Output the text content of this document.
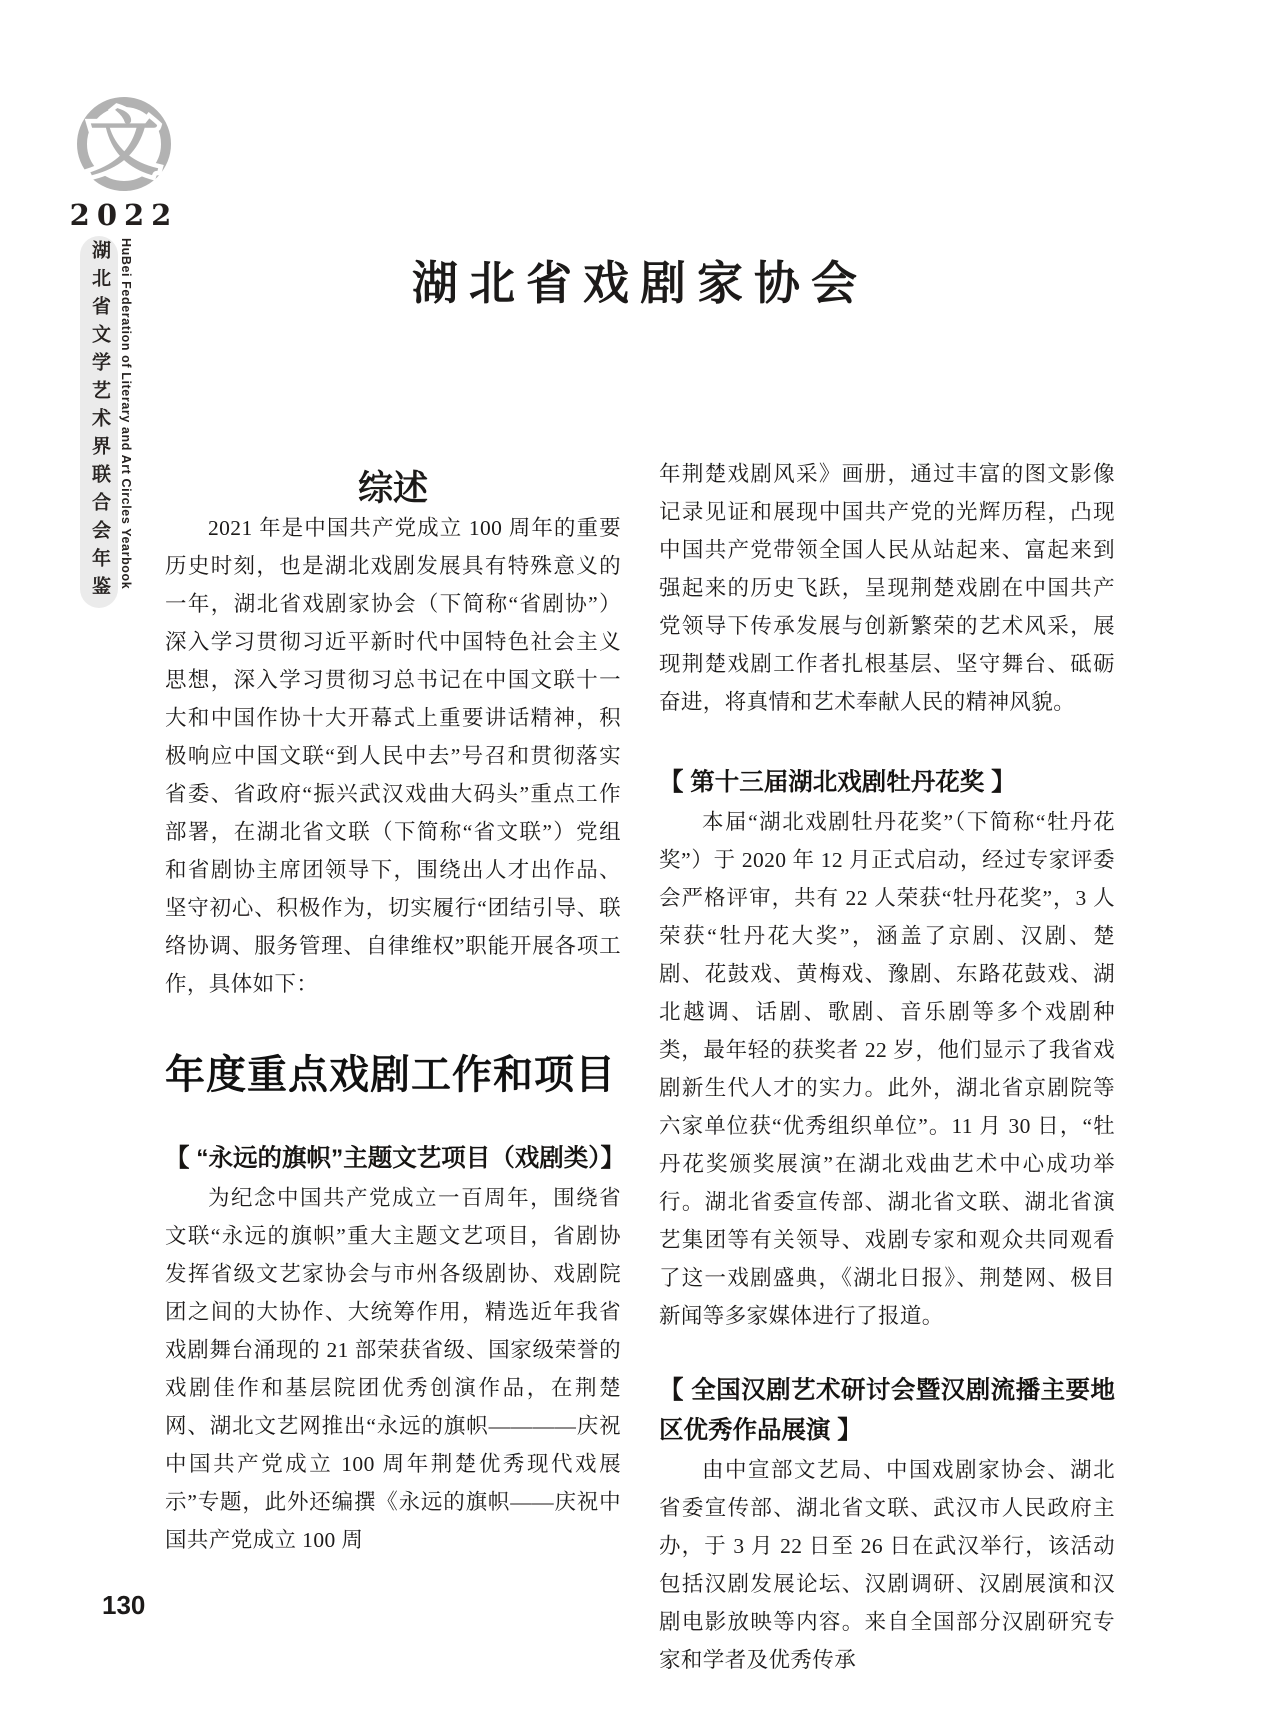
文
2022
湖北省文学艺术界联合会年鉴 HuBei Federation of Literary and Art Circles Yearbook	湖北省戏剧家协会
综述

2021 年是中国共产党成立 100 周年的重要历史时刻，也是湖北戏剧发展具有特殊意义的一年，湖北省戏剧家协会（下简称“省剧协”）深入学习贯彻习近平新时代中国特色社会主义思想，深入学习贯彻习总书记在中国文联十一大和中国作协十大开幕式上重要讲话精神，积极响应中国文联“到人民中去”号召和贯彻落实省委、省政府“振兴武汉戏曲大码头”重点工作部署，在湖北省文联（下简称“省文联”）党组和省剧协主席团领导下，围绕出人才出作品、坚守初心、积极作为，切实履行“团结引导、联络协调、服务管理、自律维权”职能开展各项工作，具体如下：

年度重点戏剧工作和项目
【 “永远的旗帜”主题文艺项目（戏剧类）】

为纪念中国共产党成立一百周年，围绕省文联“永远的旗帜”重大主题文艺项目，省剧协发挥省级文艺家协会与市州各级剧协、戏剧院团之间的大协作、大统筹作用，精选近年我省戏剧舞台涌现的 21 部荣获省级、国家级荣誉的戏剧佳作和基层院团优秀创演作品，在荆楚网、湖北文艺网推出“永远的旗帜————庆祝中国共产党成立 100 周年荆楚优秀现代戏展示”专题，此外还编撰《永远的旗帜——庆祝中国共产党成立 100 周

年荆楚戏剧风采》画册，通过丰富的图文影像记录见证和展现中国共产党的光辉历程，凸现中国共产党带领全国人民从站起来、富起来到强起来的历史飞跃，呈现荆楚戏剧在中国共产党领导下传承发展与创新繁荣的艺术风采，展现荆楚戏剧工作者扎根基层、坚守舞台、砥砺奋进，将真情和艺术奉献人民的精神风貌。

【 第十三届湖北戏剧牡丹花奖 】

本届“湖北戏剧牡丹花奖”（下简称“牡丹花奖”）于 2020 年 12 月正式启动，经过专家评委会严格评审，共有 22 人荣获“牡丹花奖”，3 人荣获“牡丹花大奖”，涵盖了京剧、汉剧、楚剧、花鼓戏、黄梅戏、豫剧、东路花鼓戏、湖北越调、话剧、歌剧、音乐剧等多个戏剧种类，最年轻的获奖者 22 岁，他们显示了我省戏剧新生代人才的实力。此外，湖北省京剧院等六家单位获“优秀组织单位”。11 月 30 日，“牡丹花奖颁奖展演”在湖北戏曲艺术中心成功举行。湖北省委宣传部、湖北省文联、湖北省演艺集团等有关领导、戏剧专家和观众共同观看了这一戏剧盛典，《湖北日报》、荆楚网、极目新闻等多家媒体进行了报道。

【 全国汉剧艺术研讨会暨汉剧流播主要地区优秀作品展演 】

由中宣部文艺局、中国戏剧家协会、湖北省委宣传部、湖北省文联、武汉市人民政府主办，于 3 月 22 日至 26 日在武汉举行，该活动包括汉剧发展论坛、汉剧调研、汉剧展演和汉剧电影放映等内容。来自全国部分汉剧研究专家和学者及优秀传承

130
